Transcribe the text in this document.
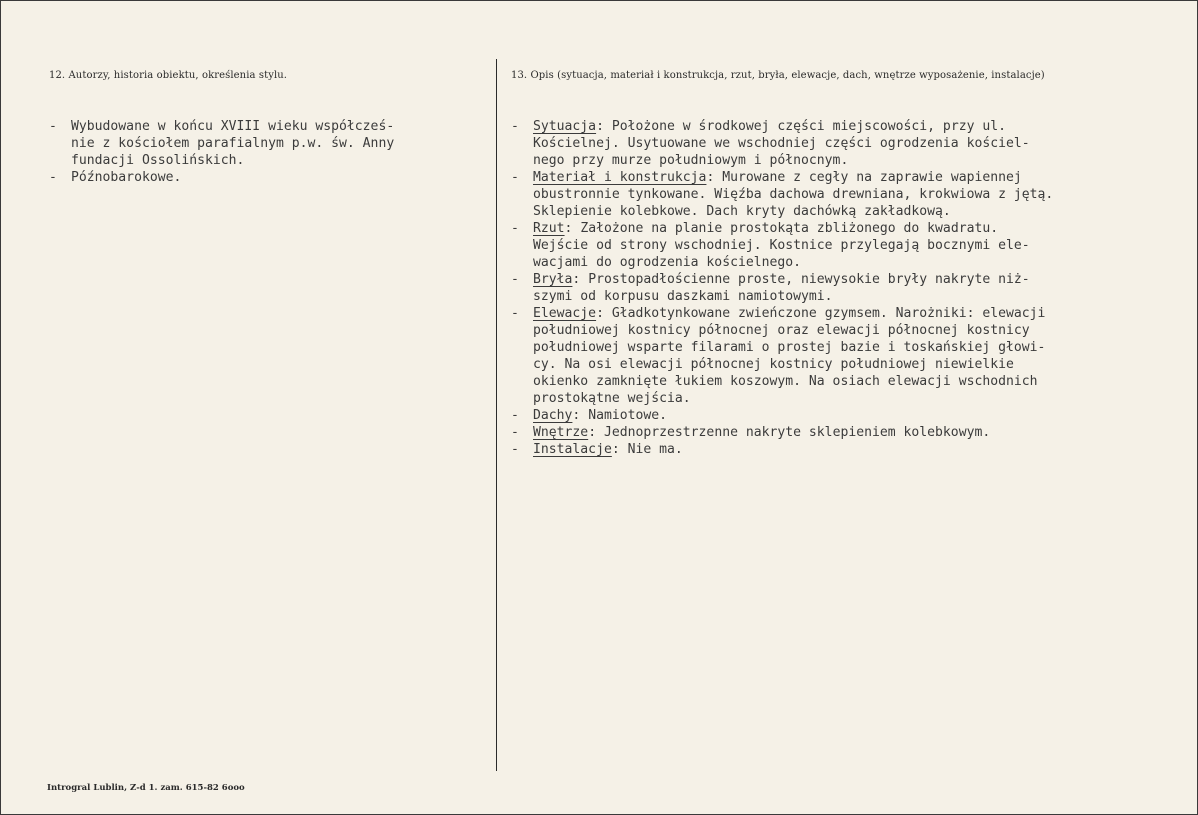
12. Autorzy, historia obiektu, określenia stylu.	13. Opis (sytuacja, materiał i konstrukcja, rzut, bryła, elewacje, dach, wnętrze wyposażenie, instalacje)
-	Wybudowane w końcu XVIII wieku współcześ-
nie z kościołem parafialnym p.w. św. Anny
fundacji Ossolińskich.
-	Późnobarokowe.
-	Sytuacja: Położone w środkowej części miejscowości, przy ul.
Kościelnej. Usytuowane we wschodniej części ogrodzenia kościel-
nego przy murze południowym i północnym.
-	Materiał i konstrukcja: Murowane z cegły na zaprawie wapiennej
obustronnie tynkowane. Więźba dachowa drewniana, krokwiowa z jętą.
Sklepienie kolebkowe. Dach kryty dachówką zakładkową.
-	Rzut: Założone na planie prostokąta zbliżonego do kwadratu.
Wejście od strony wschodniej. Kostnice przylegają bocznymi ele-
wacjami do ogrodzenia kościelnego.
-	Bryła: Prostopadłościenne proste, niewysokie bryły nakryte niż-
szymi od korpusu daszkami namiotowymi.
-	Elewacje: Gładkotynkowane zwieńczone gzymsem. Narożniki: elewacji
południowej kostnicy północnej oraz elewacji północnej kostnicy
południowej wsparte filarami o prostej bazie i toskańskiej głowi-
cy. Na osi elewacji północnej kostnicy południowej niewielkie
okienko zamknięte łukiem koszowym. Na osiach elewacji wschodnich
prostokątne wejścia.
-	Dachy: Namiotowe.
-	Wnętrze: Jednoprzestrzenne nakryte sklepieniem kolebkowym.
-	Instalacje: Nie ma.
Introgral Lublin, Z-d 1. zam. 615-82 6ooo
